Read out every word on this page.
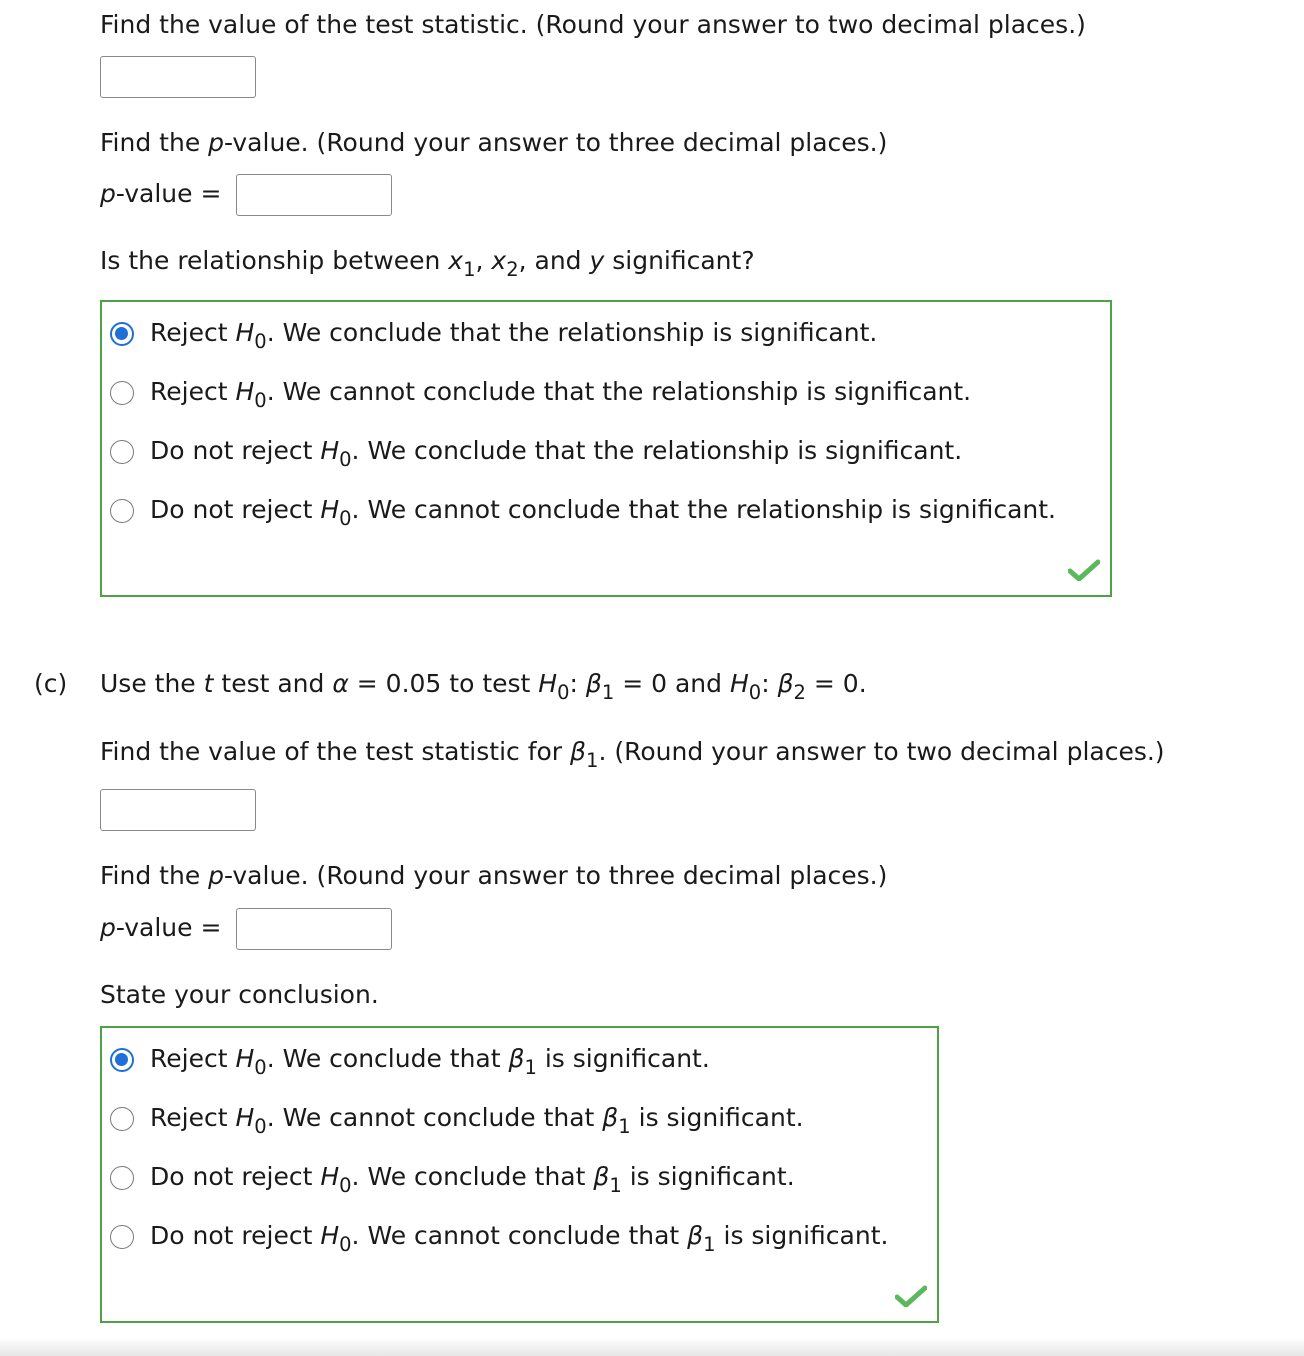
Find the value of the test statistic. (Round your answer to two decimal places.)
Find the p-value. (Round your answer to three decimal places.)
p-value =
Is the relationship between $x_1$, $x_2$, and y significant?
Reject $H_0$. We conclude that the relationship is significant.
Reject $H_0$. We cannot conclude that the relationship is significant.
Do not reject $H_0$. We conclude that the relationship is significant.
Do not reject $H_0$. We cannot conclude that the relationship is significant.
(c) Use the t test and α = 0.05 to test $H_0$: $\beta_1 = 0$ and $H_0$: $\beta_2 = 0$.
Find the value of the test statistic for $\beta_1$. (Round your answer to two decimal places.)
Find the p-value. (Round your answer to three decimal places.)
p-value =
State your conclusion.
Reject $H_0$. We conclude that $\beta_1$ is significant.
Reject $H_0$. We cannot conclude that $\beta_1$ is significant.
Do not reject $H_0$. We conclude that $\beta_1$ is significant.
Do not reject $H_0$. We cannot conclude that $\beta_1$ is significant.
